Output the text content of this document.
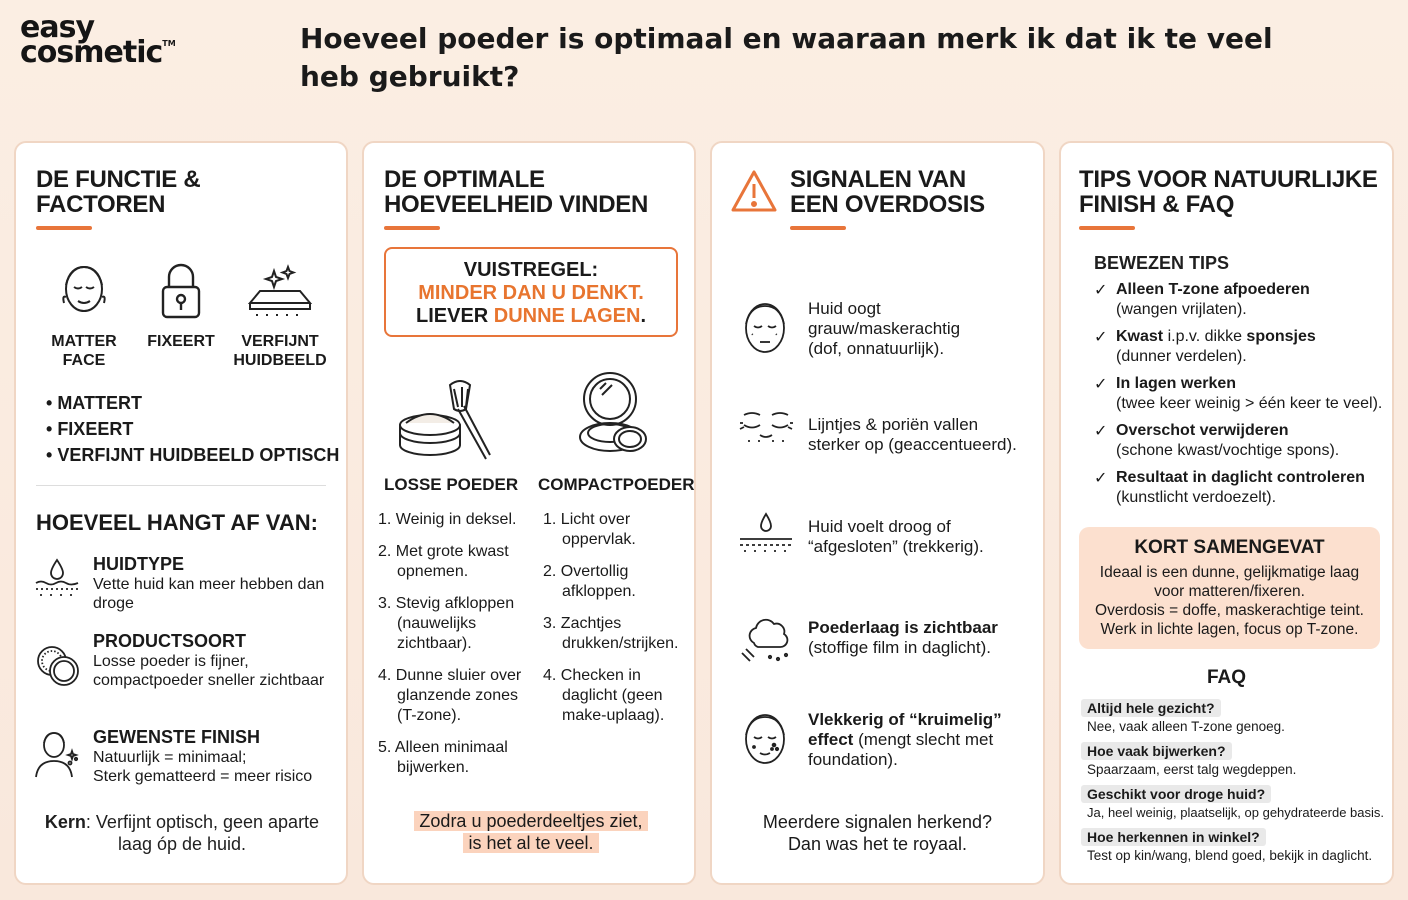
easy
cosmetic™	Hoeveel poeder is optimaal en waaraan merk ik dat ik te veel heb gebruikt?
DE FUNCTIE &
FACTOREN
MATTER
FACE
FIXEERT	VERFIJNT
HUIDBEELD
• MATTERT
• FIXEERT
• VERFIJNT HUIDBEELD OPTISCH
HOEVEEL HANGT AF VAN:
HUIDTYPE
Vette huid kan meer hebben dan droge
PRODUCTSOORT
Losse poeder is fijner, compactpoeder sneller zichtbaar
GEWENSTE FINISH
Natuurlijk = minimaal;
Sterk gematteerd = meer risico
Kern: Verfijnt optisch, geen aparte
laag óp de huid.
DE OPTIMALE
HOEVEELHEID VINDEN
VUISTREGEL:
MINDER DAN U DENKT.
LIEVER DUNNE LAGEN.
LOSSE POEDER COMPACTPOEDER
1. Weinig in deksel.
2. Met grote kwast opnemen.
3. Stevig afkloppen (nauwelijks zichtbaar).
4. Dunne sluier over glanzende zones (T-zone).
5. Alleen minimaal bijwerken.
1. Licht over oppervlak.
2. Overtollig afkloppen.
3. Zachtjes drukken/strijken.
4. Checken in daglicht (geen make-uplaag).
Zodra u poederdeeltjes ziet,
is het al te veel.
SIGNALEN VAN
EEN OVERDOSIS
Huid oogt
grauw/maskerachtig
(dof, onnatuurlijk).
Lijntjes & poriën vallen
sterker op (geaccentueerd).
Huid voelt droog of
“afgesloten” (trekkerig).
Poederlaag is zichtbaar
(stoffige film in daglicht).
Vlekkerig of “kruimelig”
effect (mengt slecht met
foundation).
Meerdere signalen herkend?
Dan was het te royaal.
TIPS VOOR NATUURLIJKE
FINISH & FAQ
BEWEZEN TIPS
✓ Alleen T-zone afpoederen
(wangen vrijlaten).
✓ Kwast i.p.v. dikke sponsjes
(dunner verdelen).
✓ In lagen werken
(twee keer weinig > één keer te veel).
✓ Overschot verwijderen
(schone kwast/vochtige spons).
✓ Resultaat in daglicht controleren
(kunstlicht verdoezelt).
KORT SAMENGEVAT
Ideaal is een dunne, gelijkmatige laag
voor matteren/fixeren.
Overdosis = doffe, maskerachtige teint.
Werk in lichte lagen, focus op T-zone.
FAQ
Altijd hele gezicht?
Nee, vaak alleen T-zone genoeg.
Hoe vaak bijwerken?
Spaarzaam, eerst talg wegdeppen.
Geschikt voor droge huid?
Ja, heel weinig, plaatselijk, op gehydrateerde basis.
Hoe herkennen in winkel?
Test op kin/wang, blend goed, bekijk in daglicht.
